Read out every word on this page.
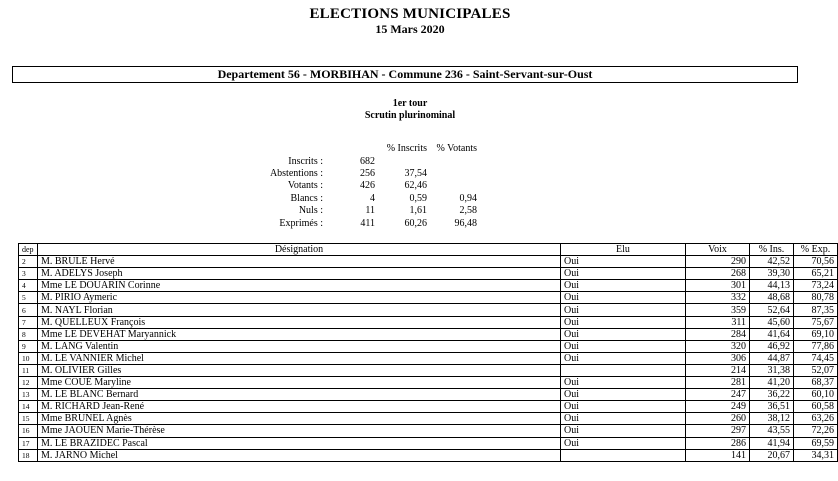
ELECTIONS MUNICIPALES
15 Mars 2020
Departement 56 - MORBIHAN - Commune 236 - Saint-Servant-sur-Oust
1er tour
Scrutin plurinominal
		% Inscrits	% Votants
Inscrits :	682		
Abstentions :	256	37,54	
Votants :	426	62,46	
Blancs :	4	0,59	0,94
Nuls :	11	1,61	2,58
Exprimés :	411	60,26	96,48
dep	Désignation	Elu	Voix	% Ins.	% Exp.
2	M. BRULE Hervé	Oui	290	42,52	70,56
3	M. ADELYS Joseph	Oui	268	39,30	65,21
4	Mme LE DOUARIN Corinne	Oui	301	44,13	73,24
5	M. PIRIO Aymeric	Oui	332	48,68	80,78
6	M. NAYL Florian	Oui	359	52,64	87,35
7	M. QUELLEUX François	Oui	311	45,60	75,67
8	Mme LE DEVEHAT Maryannick	Oui	284	41,64	69,10
9	M. LANG Valentin	Oui	320	46,92	77,86
10	M. LE VANNIER Michel	Oui	306	44,87	74,45
11	M. OLIVIER Gilles		214	31,38	52,07
12	Mme COUÉ Maryline	Oui	281	41,20	68,37
13	M. LE BLANC Bernard	Oui	247	36,22	60,10
14	M. RICHARD Jean-René	Oui	249	36,51	60,58
15	Mme BRUNEL Agnès	Oui	260	38,12	63,26
16	Mme JAOUEN Marie-Thérèse	Oui	297	43,55	72,26
17	M. LE BRAZIDEC Pascal	Oui	286	41,94	69,59
18	M. JARNO Michel		141	20,67	34,31
